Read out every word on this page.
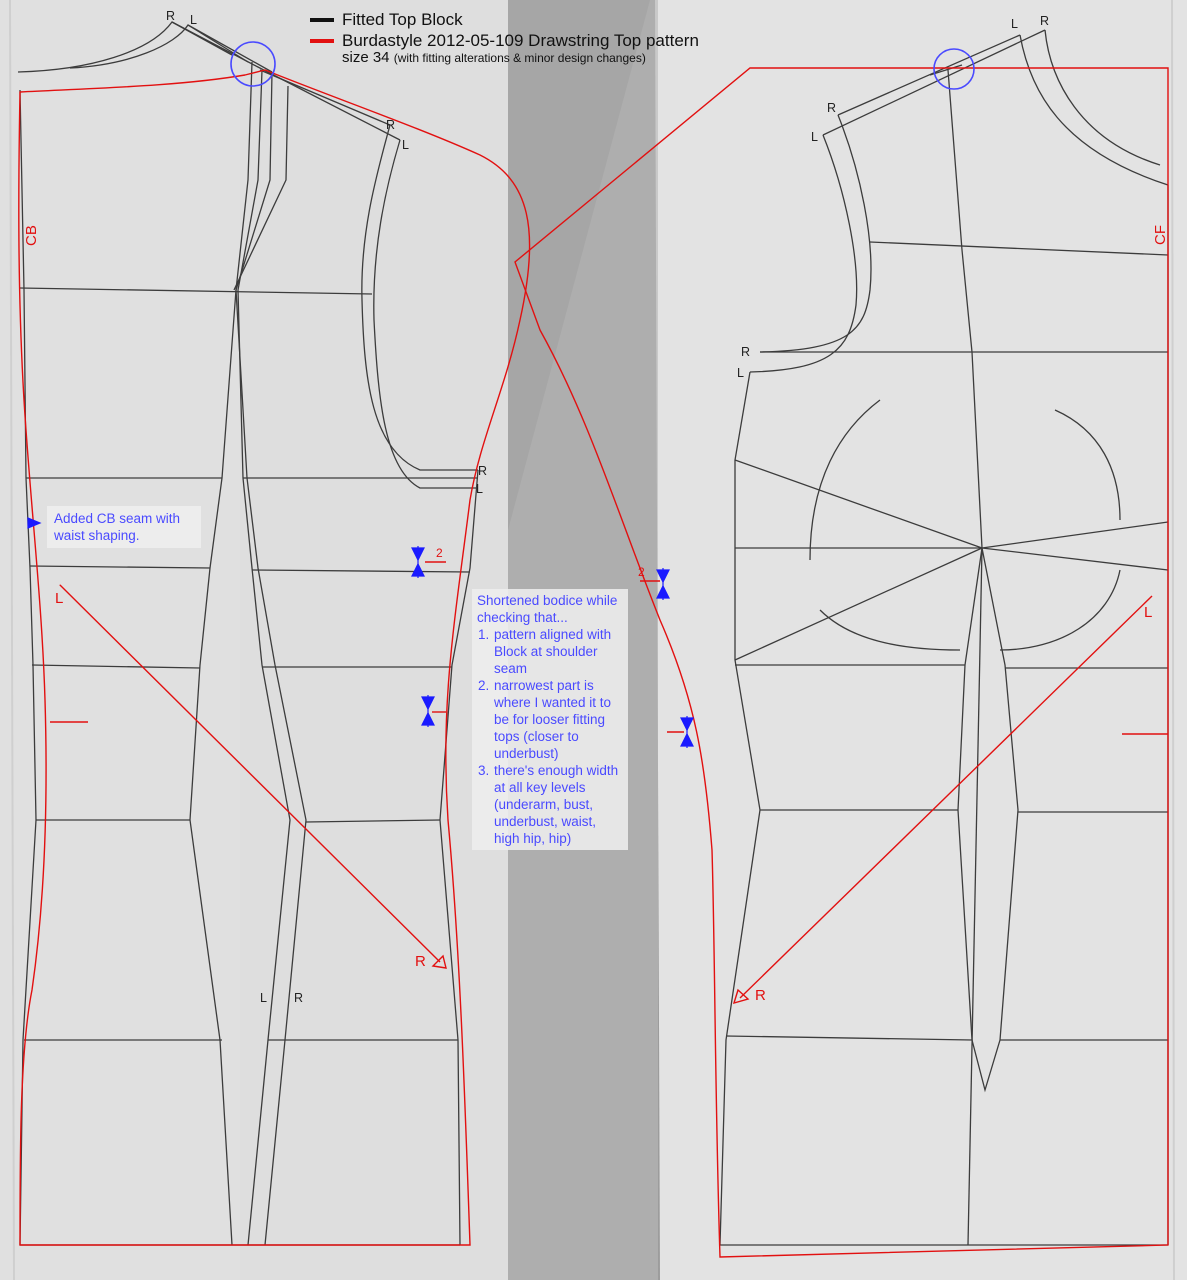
R L
R
L
R
L
L R
L R
R
L
R
L
CB	CF
L
R
L
R
2
2
Fitted Top Block
Burdastyle 2012-05-109 Drawstring Top pattern
size 34 (with fitting alterations & minor design changes)
Added CB seam with waist shaping.
Shortened bodice while checking that...
1. pattern aligned with Block at shoulder seam
2. narrowest part is where I wanted it to be for looser fitting tops (closer to underbust)
3. there's enough width at all key levels (underarm, bust, underbust, waist, high hip, hip)
